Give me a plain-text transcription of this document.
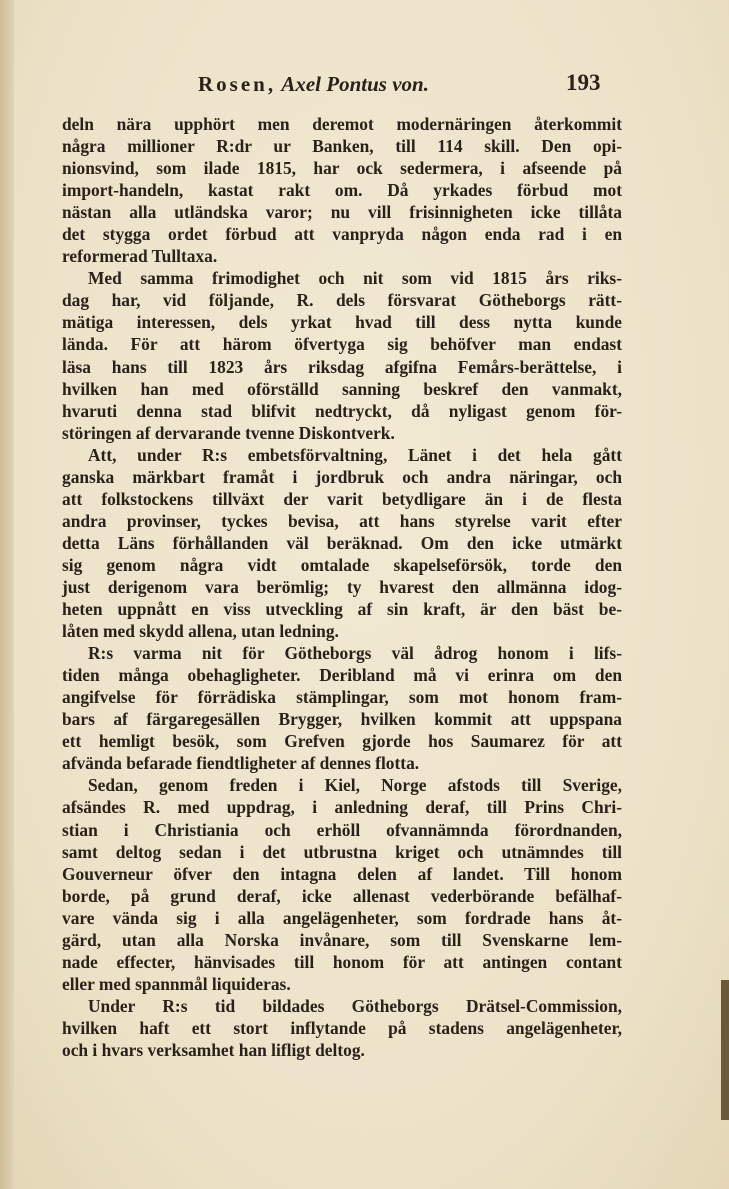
Rosen, Axel Pontus von.	193
deln nära upphört men deremot modernäringen återkommit
några millioner R:dr ur Banken, till 114 skill. Den opi-
nionsvind, som ilade 1815, har ock sedermera, i afseende på
import-handeln, kastat rakt om. Då yrkades förbud mot
nästan alla utländska varor; nu vill frisinnigheten icke tillåta
det stygga ordet förbud att vanpryda någon enda rad i en
reformerad Tulltaxa.
Med samma frimodighet och nit som vid 1815 års riks-
dag har, vid följande, R. dels försvarat Götheborgs rätt-
mätiga interessen, dels yrkat hvad till dess nytta kunde
lända. För att härom öfvertyga sig behöfver man endast
läsa hans till 1823 års riksdag afgifna Femårs-berättelse, i
hvilken han med oförställd sanning beskref den vanmakt,
hvaruti denna stad blifvit nedtryckt, då nyligast genom för-
störingen af dervarande tvenne Diskontverk.
Att, under R:s embetsförvaltning, Länet i det hela gått
ganska märkbart framåt i jordbruk och andra näringar, och
att folkstockens tillväxt der varit betydligare än i de flesta
andra provinser, tyckes bevisa, att hans styrelse varit efter
detta Läns förhållanden väl beräknad. Om den icke utmärkt
sig genom några vidt omtalade skapelseförsök, torde den
just derigenom vara berömlig; ty hvarest den allmänna idog-
heten uppnått en viss utveckling af sin kraft, är den bäst be-
låten med skydd allena, utan ledning.
R:s varma nit för Götheborgs väl ådrog honom i lifs-
tiden många obehagligheter. Deribland må vi erinra om den
angifvelse för förrädiska stämplingar, som mot honom fram-
bars af färgaregesällen Brygger, hvilken kommit att uppspana
ett hemligt besök, som Grefven gjorde hos Saumarez för att
afvända befarade fiendtligheter af dennes flotta.
Sedan, genom freden i Kiel, Norge afstods till Sverige,
afsändes R. med uppdrag, i anledning deraf, till Prins Chri-
stian i Christiania och erhöll ofvannämnda förordnanden,
samt deltog sedan i det utbrustna kriget och utnämndes till
Gouverneur öfver den intagna delen af landet. Till honom
borde, på grund deraf, icke allenast vederbörande befälhaf-
vare vända sig i alla angelägenheter, som fordrade hans åt-
gärd, utan alla Norska invånare, som till Svenskarne lem-
nade effecter, hänvisades till honom för att antingen contant
eller med spannmål liquideras.
Under R:s tid bildades Götheborgs Drätsel-Commission,
hvilken haft ett stort inflytande på stadens angelägenheter,
och i hvars verksamhet han lifligt deltog.
